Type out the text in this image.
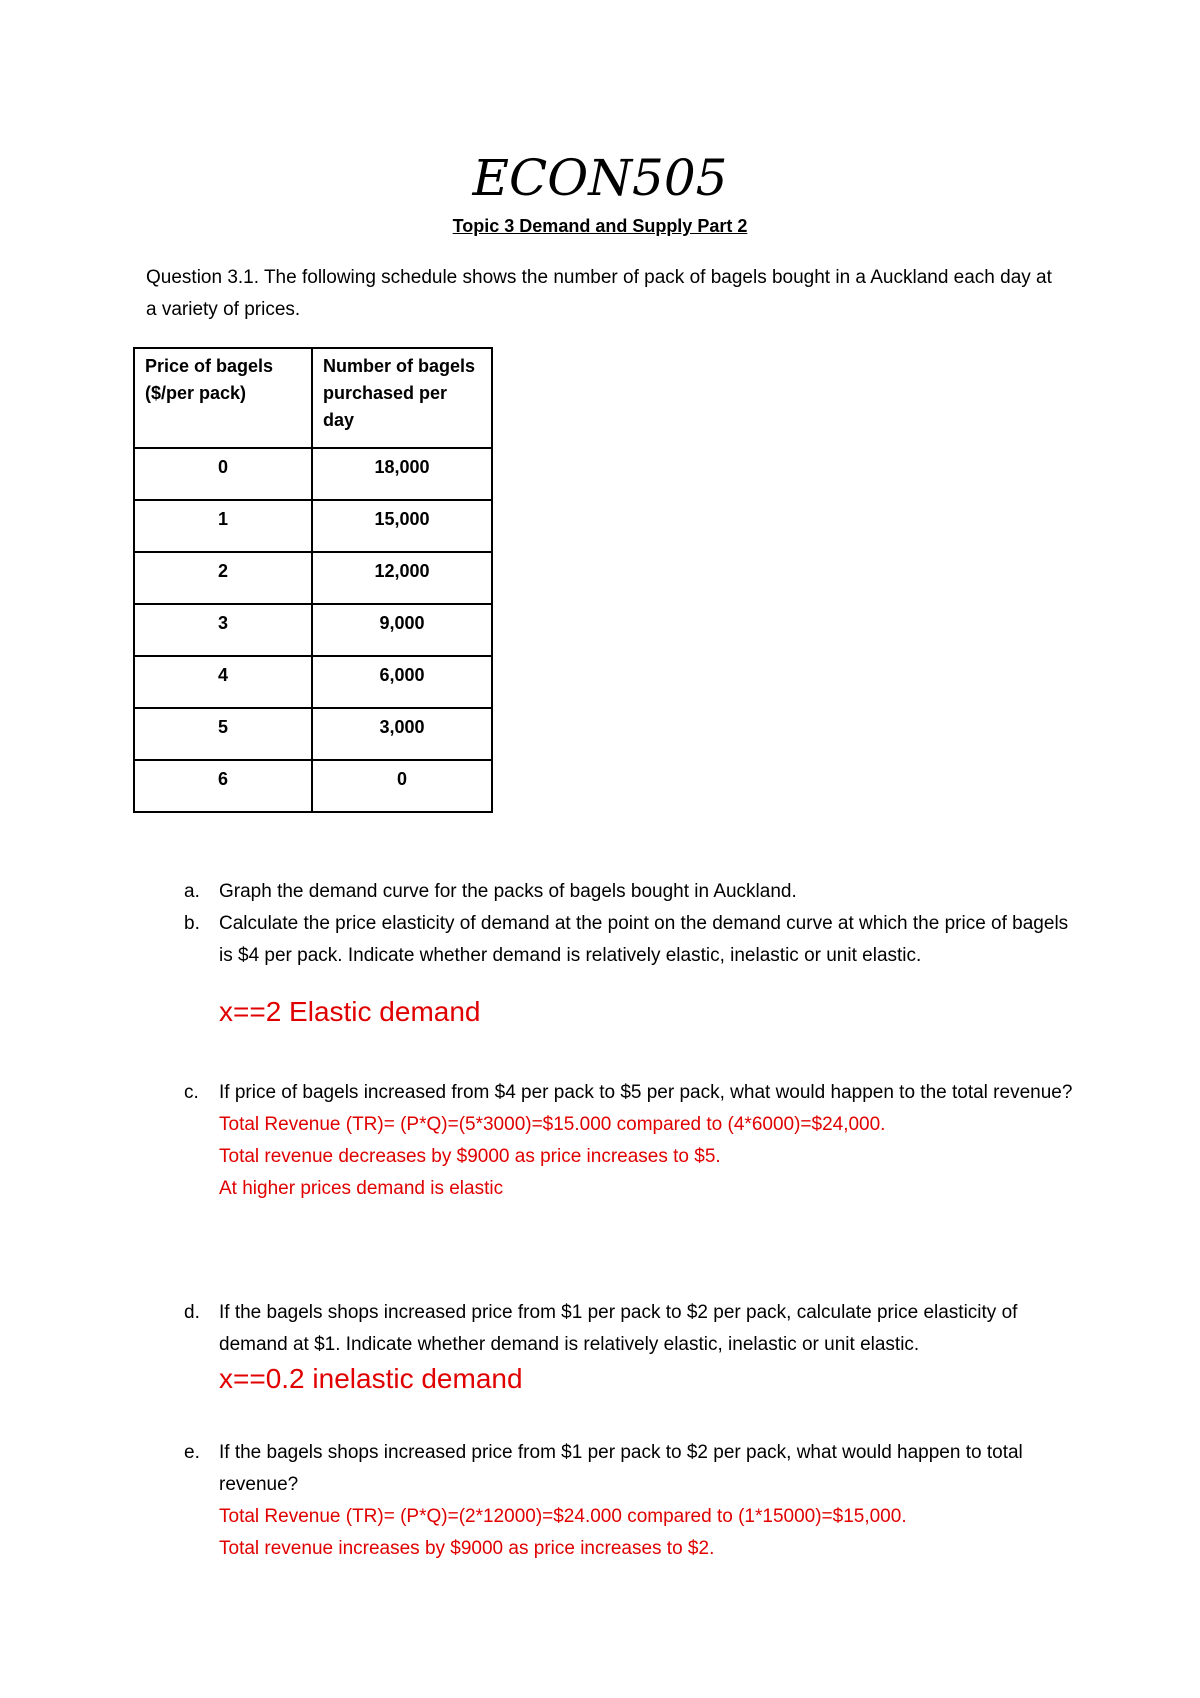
ECON505
Topic 3 Demand and Supply Part 2
Question 3.1. The following schedule shows the number of pack of bagels bought in a Auckland each day at a variety of prices.
Price of bagels ($/per pack)	Number of bagels purchased per day
0	18,000
1	15,000
2	12,000
3	9,000
4	6,000
5	3,000
6	0
a. Graph the demand curve for the packs of bagels bought in Auckland.
b. Calculate the price elasticity of demand at the point on the demand curve at which the price of bagels is $4 per pack. Indicate whether demand is relatively elastic, inelastic or unit elastic.
x==2 Elastic demand
c. If price of bagels increased from $4 per pack to $5 per pack, what would happen to the total revenue?
Total Revenue (TR)= (P*Q)=(5*3000)=$15.000 compared to (4*6000)=$24,000.
Total revenue decreases by $9000 as price increases to $5.
At higher prices demand is elastic
d. If the bagels shops increased price from $1 per pack to $2 per pack, calculate price elasticity of demand at $1. Indicate whether demand is relatively elastic, inelastic or unit elastic.
x==0.2 inelastic demand
e. If the bagels shops increased price from $1 per pack to $2 per pack, what would happen to total revenue?
Total Revenue (TR)= (P*Q)=(2*12000)=$24.000 compared to (1*15000)=$15,000.
Total revenue increases by $9000 as price increases to $2.
